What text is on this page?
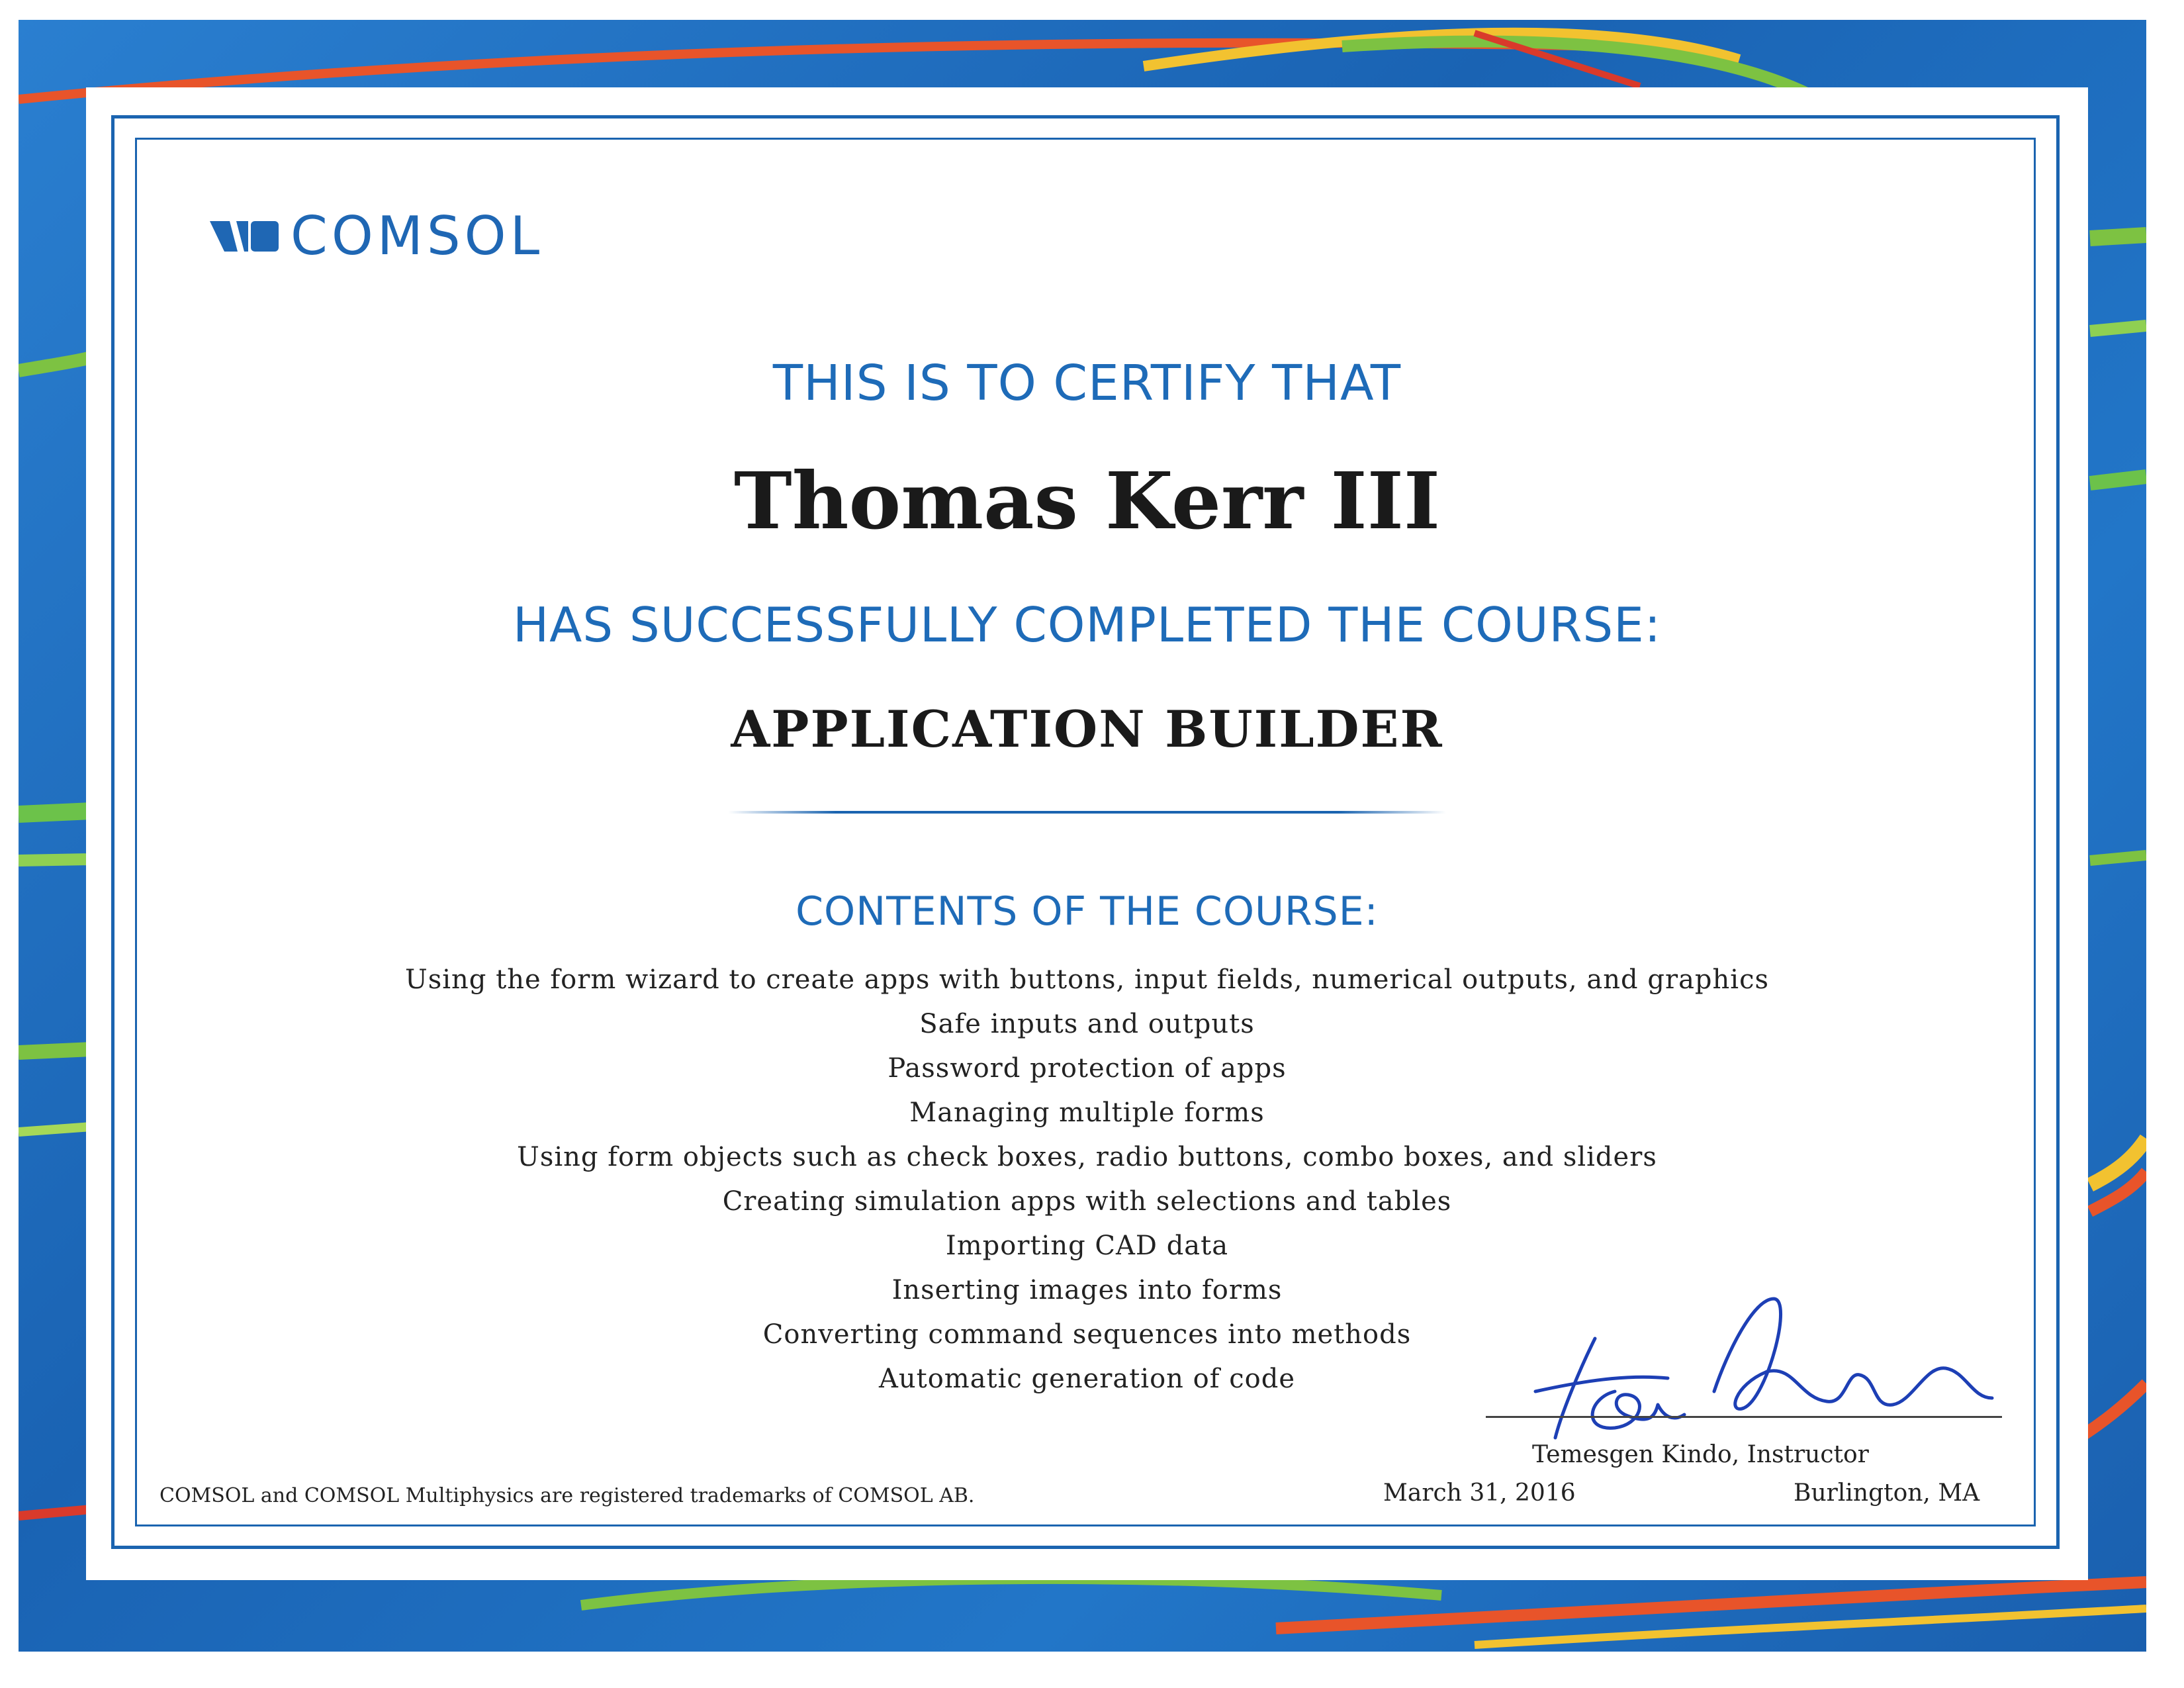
COMSOL
THIS IS TO CERTIFY THAT
Thomas Kerr III
HAS SUCCESSFULLY COMPLETED THE COURSE:
APPLICATION BUILDER
CONTENTS OF THE COURSE:
Using the form wizard to create apps with buttons, input fields, numerical outputs, and graphics
Safe inputs and outputs
Password protection of apps
Managing multiple forms
Using form objects such as check boxes, radio buttons, combo boxes, and sliders
Creating simulation apps with selections and tables
Importing CAD data
Inserting images into forms
Converting command sequences into methods
Automatic generation of code
Temesgen Kindo, Instructor
COMSOL and COMSOL Multiphysics are registered trademarks of COMSOL AB.	March 31, 2016	Burlington, MA
